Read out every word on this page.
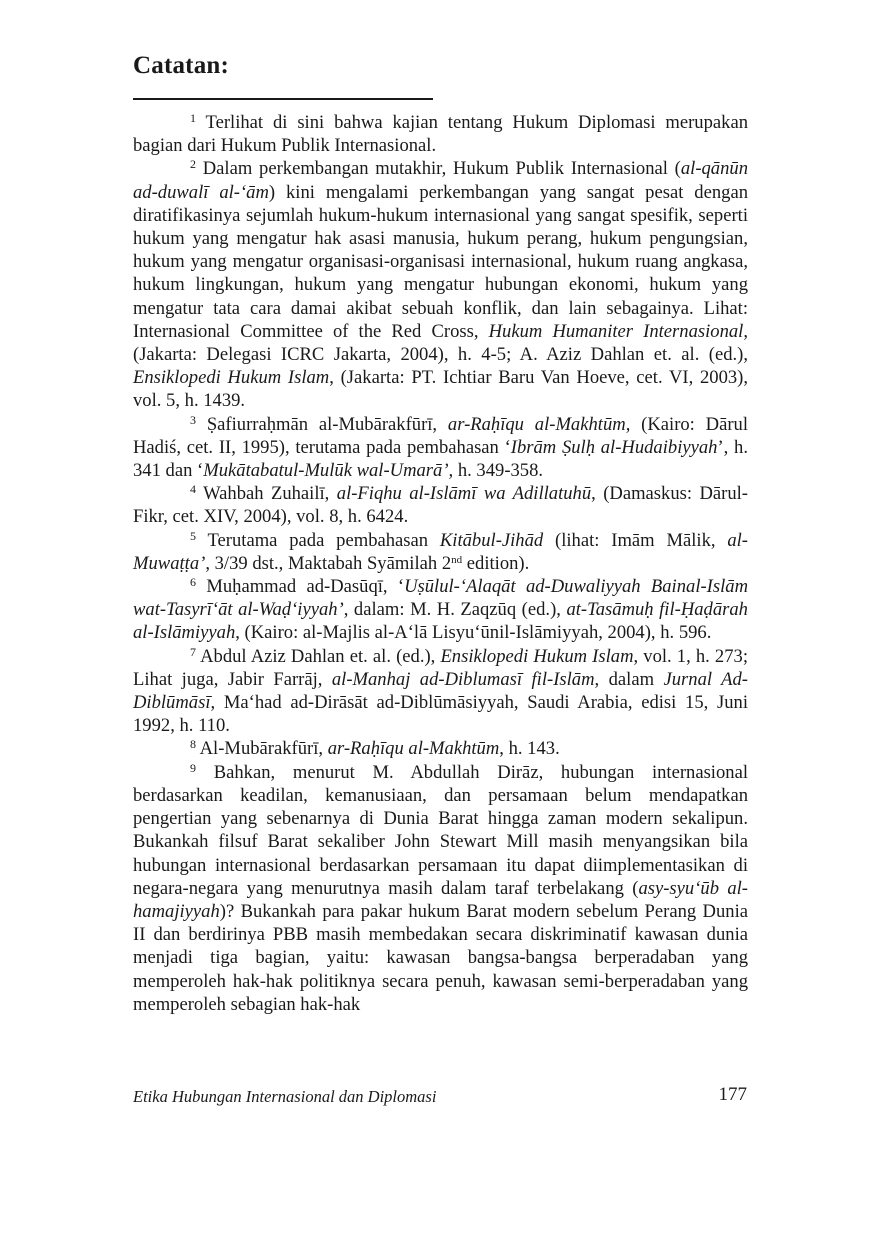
Catatan:

$^1$ Terlihat di sini bahwa kajian tentang Hukum Diplomasi merupakan bagian dari Hukum Publik Internasional.

$^2$ Dalam perkembangan mutakhir, Hukum Publik Internasional (al-qānūn ad-duwalī al-‘ām) kini mengalami perkembangan yang sangat pesat dengan diratifikasinya sejumlah hukum-hukum internasional yang sangat spesifik, seperti hukum yang mengatur hak asasi manusia, hukum perang, hukum pengungsian, hukum yang mengatur organisasi-organisasi internasional, hukum ruang angkasa, hukum lingkungan, hukum yang mengatur hubungan ekonomi, hukum yang mengatur tata cara damai akibat sebuah konflik, dan lain sebagainya. Lihat: Internasional Committee of the Red Cross, Hukum Humaniter Internasional, (Jakarta: Delegasi ICRC Jakarta, 2004), h. 4-5; A. Aziz Dahlan et. al. (ed.), Ensiklopedi Hukum Islam, (Jakarta: PT. Ichtiar Baru Van Hoeve, cet. VI, 2003), vol. 5, h. 1439.

$^3$ Ṣafiurraḥmān al-Mubārakfūrī, ar-Raḥīqu al-Makhtūm, (Kairo: Dārul Hadiś, cet. II, 1995), terutama pada pembahasan ‘Ibrām Ṣulḥ al-Hudaibiyyah’, h. 341 dan ‘Mukātabatul-Mulūk wal-Umarā’, h. 349-358.

$^4$ Wahbah Zuhailī, al-Fiqhu al-Islāmī wa Adillatuhū, (Damaskus: Dārul-Fikr, cet. XIV, 2004), vol. 8, h. 6424.

$^5$ Terutama pada pembahasan Kitābul-Jihād (lihat: Imām Mālik, al-Muwaṭṭa’, 3/39 dst., Maktabah Syāmilah 2nd edition).

$^6$ Muḥammad ad-Dasūqī, ‘Uṣūlul-‘Alaqāt ad-Duwaliyyah Bainal-Islām wat-Tasyrī‘āt al-Waḍ‘iyyah’, dalam: M. H. Zaqzūq (ed.), at-Tasāmuḥ fil-Ḥaḍārah al-Islāmiyyah, (Kairo: al-Majlis al-A‘lā Lisyu‘ūnil-Islāmiyyah, 2004), h. 596.

$^7$ Abdul Aziz Dahlan et. al. (ed.), Ensiklopedi Hukum Islam, vol. 1, h. 273; Lihat juga, Jabir Farrāj, al-Manhaj ad-Diblumasī fil-Islām, dalam Jurnal Ad-Diblūmāsī, Ma‘had ad-Dirāsāt ad-Diblūmāsiyyah, Saudi Arabia, edisi 15, Juni 1992, h. 110.

$^8$ Al-Mubārakfūrī, ar-Raḥīqu al-Makhtūm, h. 143.

$^9$ Bahkan, menurut M. Abdullah Dirāz, hubungan internasional berdasarkan keadilan, kemanusiaan, dan persamaan belum mendapatkan pengertian yang sebenarnya di Dunia Barat hingga zaman modern sekalipun. Bukankah filsuf Barat sekaliber John Stewart Mill masih menyangsikan bila hubungan internasional berdasarkan persamaan itu dapat diimplementasikan di negara-negara yang menurutnya masih dalam taraf terbelakang (asy-syu‘ūb al-hamajiyyah)? Bukankah para pakar hukum Barat modern sebelum Perang Dunia II dan berdirinya PBB masih membedakan secara diskriminatif kawasan dunia menjadi tiga bagian, yaitu: kawasan bangsa-bangsa berperadaban yang memperoleh hak-hak politiknya secara penuh, kawasan semi-berperadaban yang memperoleh sebagian hak-hak

Etika Hubungan Internasional dan Diplomasi	177
